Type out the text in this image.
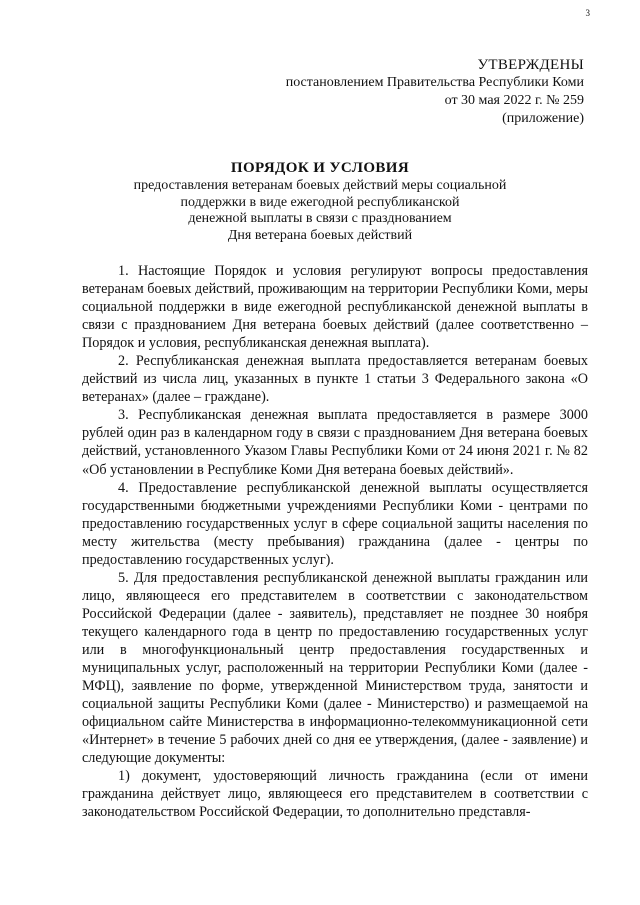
3
УТВЕРЖДЕНЫ
постановлением Правительства Республики Коми
от 30 мая 2022 г. № 259
(приложение)
ПОРЯДОК И УСЛОВИЯ
предоставления ветеранам боевых действий меры социальной
поддержки в виде ежегодной республиканской
денежной выплаты в связи с празднованием
Дня ветерана боевых действий

1. Настоящие Порядок и условия регулируют вопросы предоставления ветеранам боевых действий, проживающим на территории Республики Коми, меры социальной поддержки в виде ежегодной республиканской денежной выплаты в связи с празднованием Дня ветерана боевых действий (далее соответственно – Порядок и условия, республиканская денежная выплата).

2. Республиканская денежная выплата предоставляется ветеранам боевых действий из числа лиц, указанных в пункте 1 статьи 3 Федерального закона «О ветеранах» (далее – граждане).

3. Республиканская денежная выплата предоставляется в размере 3000 рублей один раз в календарном году в связи с празднованием Дня ветерана боевых действий, установленного Указом Главы Республики Коми от 24 июня 2021 г. № 82 «Об установлении в Республике Коми Дня ветерана боевых действий».

4. Предоставление республиканской денежной выплаты осуществляется государственными бюджетными учреждениями Республики Коми - центрами по предоставлению государственных услуг в сфере социальной защиты населения по месту жительства (месту пребывания) гражданина (далее - центры по предоставлению государственных услуг).

5. Для предоставления республиканской денежной выплаты гражданин или лицо, являющееся его представителем в соответствии с законодательством Российской Федерации (далее - заявитель), представляет не позднее 30 ноября текущего календарного года в центр по предоставлению государственных услуг или в многофункциональный центр предоставления государственных и муниципальных услуг, расположенный на территории Республики Коми (далее - МФЦ), заявление по форме, утвержденной Министерством труда, занятости и социальной защиты Республики Коми (далее - Министерство) и размещаемой на официальном сайте Министерства в информационно-телекоммуникационной сети «Интернет» в течение 5 рабочих дней со дня ее утверждения, (далее - заявление) и следующие документы:

1) документ, удостоверяющий личность гражданина (если от имени гражданина действует лицо, являющееся его представителем в соответствии с законодательством Российской Федерации, то дополнительно представля-
